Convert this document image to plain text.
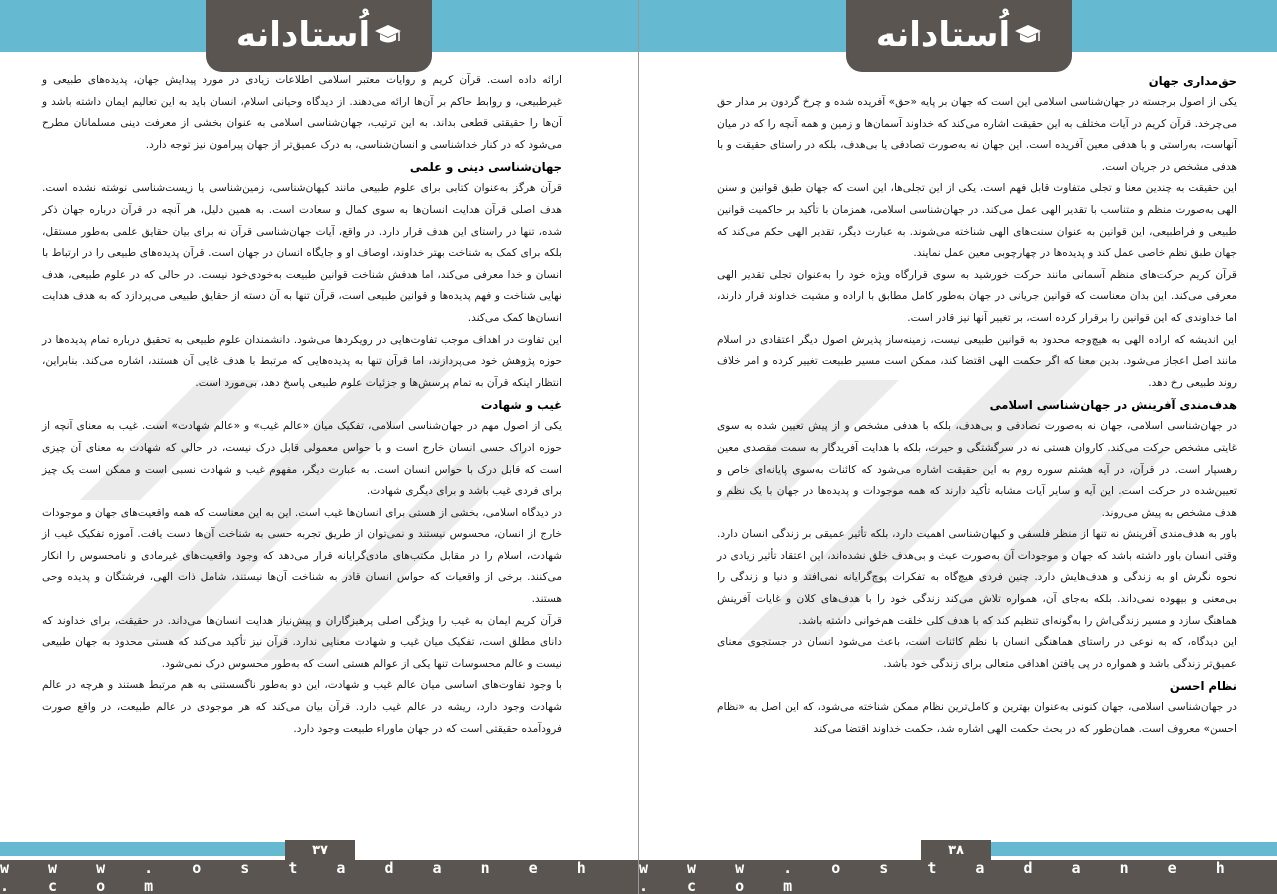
اُستادانه

ارائه داده است. قرآن کریم و روایات معتبر اسلامی اطلاعات زیادی در مورد پیدایش جهان، پدیده‌های طبیعی و غیرطبیعی، و روابط حاکم بر آن‌ها ارائه می‌دهند. از دیدگاه وحیانی اسلام، انسان باید به این تعالیم ایمان داشته باشد و آن‌ها را حقیقتی قطعی بداند. به این ترتیب، جهان‌شناسی اسلامی به عنوان بخشی از معرفت دینی مسلمانان مطرح می‌شود که در کنار خداشناسی و انسان‌شناسی، به درک عمیق‌تر از جهان پیرامون نیز توجه دارد.

جهان‌شناسی دینی و علمی

قرآن هرگز به‌عنوان کتابی برای علوم طبیعی مانند کیهان‌شناسی، زمین‌شناسی یا زیست‌شناسی نوشته نشده است. هدف اصلی قرآن هدایت انسان‌ها به سوی کمال و سعادت است. به همین دلیل، هر آنچه در قرآن درباره جهان ذکر شده، تنها در راستای این هدف قرار دارد. در واقع، آیات جهان‌شناسی قرآن نه برای بیان حقایق علمی به‌طور مستقل، بلکه برای کمک به شناخت بهتر خداوند، اوصاف او و جایگاه انسان در جهان است. قرآن پدیده‌های طبیعی را در ارتباط با انسان و خدا معرفی می‌کند، اما هدفش شناخت قوانین طبیعت به‌خودی‌خود نیست. در حالی که در علوم طبیعی، هدف نهایی شناخت و فهم پدیده‌ها و قوانین طبیعی است، قرآن تنها به آن دسته از حقایق طبیعی می‌پردازد که به هدف هدایت انسان‌ها کمک می‌کند.

این تفاوت در اهداف موجب تفاوت‌هایی در رویکردها می‌شود. دانشمندان علوم طبیعی به تحقیق درباره تمام پدیده‌ها در حوزه پژوهش خود می‌پردازند، اما قرآن تنها به پدیده‌هایی که مرتبط با هدف غایی آن هستند، اشاره می‌کند. بنابراین، انتظار اینکه قرآن به تمام پرسش‌ها و جزئیات علوم طبیعی پاسخ دهد، بی‌مورد است.

غیب و شهادت

یکی از اصول مهم در جهان‌شناسی اسلامی، تفکیک میان «عالم غیب» و «عالم شهادت» است. غیب به معنای آنچه از حوزه ادراک حسی انسان خارج است و با حواس معمولی قابل درک نیست، در حالی که شهادت به معنای آن چیزی است که قابل درک با حواس انسان است. به عبارت دیگر، مفهوم غیب و شهادت نسبی است و ممکن است یک چیز برای فردی غیب باشد و برای دیگری شهادت.

در دیدگاه اسلامی، بخشی از هستی برای انسان‌ها غیب است. این به این معناست که همه واقعیت‌های جهان و موجودات خارج از انسان، محسوس نیستند و نمی‌توان از طریق تجربه حسی به شناخت آن‌ها دست یافت. آموزه تفکیک غیب از شهادت، اسلام را در مقابل مکتب‌های مادی‌گرایانه قرار می‌دهد که وجود واقعیت‌های غیرمادی و نامحسوس را انکار می‌کنند. برخی از واقعیات که حواس انسان قادر به شناخت آن‌ها نیستند، شامل ذات الهی، فرشتگان و پدیده وحی هستند.

قرآن کریم ایمان به غیب را ویژگی اصلی پرهیزگاران و پیش‌نیاز هدایت انسان‌ها می‌داند. در حقیقت، برای خداوند که دانای مطلق است، تفکیک میان غیب و شهادت معنایی ندارد. قرآن نیز تأکید می‌کند که هستی محدود به جهان طبیعی نیست و عالم محسوسات تنها یکی از عوالم هستی است که به‌طور محسوس درک نمی‌شود.

با وجود تفاوت‌های اساسی میان عالم غیب و شهادت، این دو به‌طور ناگسستنی به هم مرتبط هستند و هرچه در عالم شهادت وجود دارد، ریشه در عالم غیب دارد. قرآن بیان می‌کند که هر موجودی در عالم طبیعت، در واقع صورت فرودآمده حقیقتی است که در جهان ماوراء طبیعت وجود دارد.

۳۷
w w w . o s t a d a n e h . c o m
اُستادانه
حق‌مداری جهان

یکی از اصول برجسته در جهان‌شناسی اسلامی این است که جهان بر پایه «حق» آفریده شده و چرخ گردون بر مدار حق می‌چرخد. قرآن کریم در آیات مختلف به این حقیقت اشاره می‌کند که خداوند آسمان‌ها و زمین و همه آنچه را که در میان آنهاست، به‌راستی و با هدفی معین آفریده است. این جهان نه به‌صورت تصادفی یا بی‌هدف، بلکه در راستای حقیقت و با هدفی مشخص در جریان است.

این حقیقت به چندین معنا و تجلی متفاوت قابل فهم است. یکی از این تجلی‌ها، این است که جهان طبق قوانین و سنن الهی به‌صورت منظم و متناسب با تقدیر الهی عمل می‌کند. در جهان‌شناسی اسلامی، همزمان با تأکید بر حاکمیت قوانین طبیعی و فراطبیعی، این قوانین به عنوان سنت‌های الهی شناخته می‌شوند. به عبارت دیگر، تقدیر الهی حکم می‌کند که جهان طبق نظم خاصی عمل کند و پدیده‌ها در چهارچوبی معین عمل نمایند.

قرآن کریم حرکت‌های منظم آسمانی مانند حرکت خورشید به سوی قرارگاه ویژه خود را به‌عنوان تجلی تقدیر الهی معرفی می‌کند. این بدان معناست که قوانین جریانی در جهان به‌طور کامل مطابق با اراده و مشیت خداوند قرار دارند، اما خداوندی که این قوانین را برقرار کرده است، بر تغییر آنها نیز قادر است.

این اندیشه که اراده الهی به هیچ‌وجه محدود به قوانین طبیعی نیست، زمینه‌ساز پذیرش اصول دیگر اعتقادی در اسلام مانند اصل اعجاز می‌شود. بدین معنا که اگر حکمت الهی اقتضا کند، ممکن است مسیر طبیعت تغییر کرده و امر خلاف روند طبیعی رخ دهد.

هدف‌مندی آفرینش در جهان‌شناسی اسلامی

در جهان‌شناسی اسلامی، جهان نه به‌صورت تصادفی و بی‌هدف، بلکه با هدفی مشخص و از پیش تعیین شده به سوی غایتی مشخص حرکت می‌کند. کاروان هستی نه در سرگشتگی و حیرت، بلکه با هدایت آفریدگار به سمت مقصدی معین رهسپار است. در قرآن، در آیه هشتم سوره روم به این حقیقت اشاره می‌شود که کائنات به‌سوی پایانه‌ای خاص و تعیین‌شده در حرکت است. این آیه و سایر آیات مشابه تأکید دارند که همه موجودات و پدیده‌ها در جهان با یک نظم و هدف مشخص به پیش می‌روند.

باور به هدف‌مندی آفرینش نه تنها از منظر فلسفی و کیهان‌شناسی اهمیت دارد، بلکه تأثیر عمیقی بر زندگی انسان دارد. وقتی انسان باور داشته باشد که جهان و موجودات آن به‌صورت عبث و بی‌هدف خلق نشده‌اند، این اعتقاد تأثیر زیادی در نحوه نگرش او به زندگی و هدف‌هایش دارد. چنین فردی هیچ‌گاه به تفکرات پوچ‌گرایانه نمی‌افتد و دنیا و زندگی را بی‌معنی و بیهوده نمی‌داند. بلکه به‌جای آن، همواره تلاش می‌کند زندگی خود را با هدف‌های کلان و غایات آفرینش هماهنگ سازد و مسیر زندگی‌اش را به‌گونه‌ای تنظیم کند که با هدف کلی خلقت هم‌خوانی داشته باشد.

این دیدگاه، که به نوعی در راستای هماهنگی انسان با نظم کائنات است، باعث می‌شود انسان در جستجوی معنای عمیق‌تر زندگی باشد و همواره در پی یافتن اهدافی متعالی برای زندگی خود باشد.

نظام احسن

در جهان‌شناسی اسلامی، جهان کنونی به‌عنوان بهترین و کامل‌ترین نظام ممکن شناخته می‌شود، که این اصل به «نظام احسن» معروف است. همان‌طور که در بحث حکمت الهی اشاره شد، حکمت خداوند اقتضا می‌کند

۳۸
w w w . o s t a d a n e h . c o m
